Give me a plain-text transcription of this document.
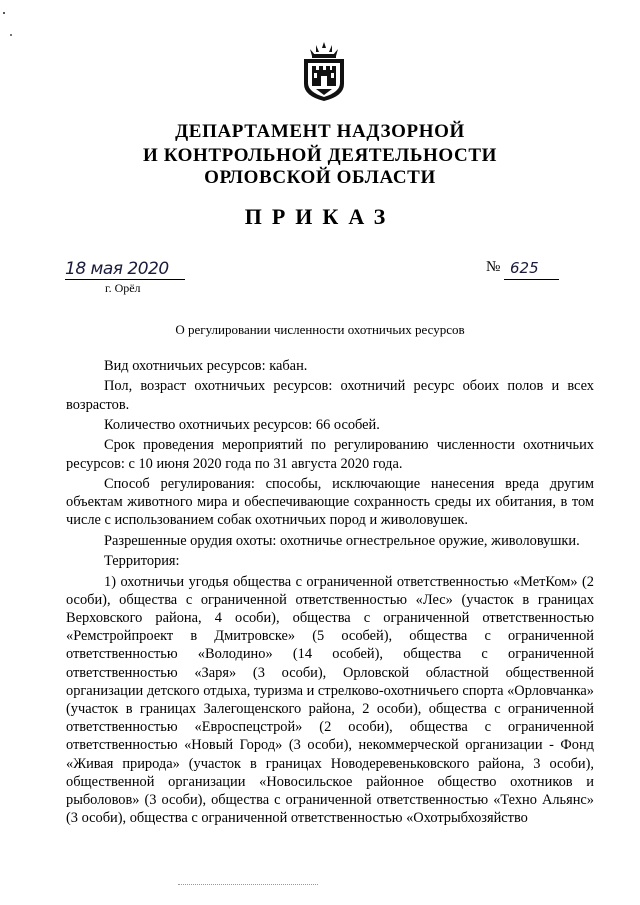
ДЕПАРТАМЕНТ НАДЗОРНОЙ
И КОНТРОЛЬНОЙ ДЕЯТЕЛЬНОСТИ
ОРЛОВСКОЙ ОБЛАСТИ
ПРИКАЗ
18 мая 2020
г. Орёл
№ 625
О регулировании численности охотничьих ресурсов

Вид охотничьих ресурсов: кабан.

Пол, возраст охотничьих ресурсов: охотничий ресурс обоих полов и всех возрастов.

Количество охотничьих ресурсов: 66 особей.

Срок проведения мероприятий по регулированию численности охотничьих ресурсов: с 10 июня 2020 года по 31 августа 2020 года.

Способ регулирования: способы, исключающие нанесения вреда другим объектам животного мира и обеспечивающие сохранность среды их обитания, в том числе с использованием собак охотничьих пород и живоловушек.

Разрешенные орудия охоты: охотничье огнестрельное оружие, живоловушки.

Территория:

1) охотничьи угодья общества с ограниченной ответственностью «МетКом» (2 особи), общества с ограниченной ответственностью «Лес» (участок в границах Верховского района, 4 особи), общества с ограниченной ответственностью «Ремстройпроект в Дмитровске» (5 особей), общества с ограниченной ответственностью «Володино» (14 особей), общества с ограниченной ответственностью «Заря» (3 особи), Орловской областной общественной организации детского отдыха, туризма и стрелково-охотничьего спорта «Орловчанка» (участок в границах Залегощенского района, 2 особи), общества с ограниченной ответственностью «Евроспецстрой» (2 особи), общества с ограниченной ответственностью «Новый Город» (3 особи), некоммерческой организации - Фонд «Живая природа» (участок в границах Новодеревеньковского района, 3 особи), общественной организации «Новосильское районное общество охотников и рыболовов» (3 особи), общества с ограниченной ответственностью «Техно Альянс» (3 особи), общества с ограниченной ответственностью «Охотрыбхозяйство
